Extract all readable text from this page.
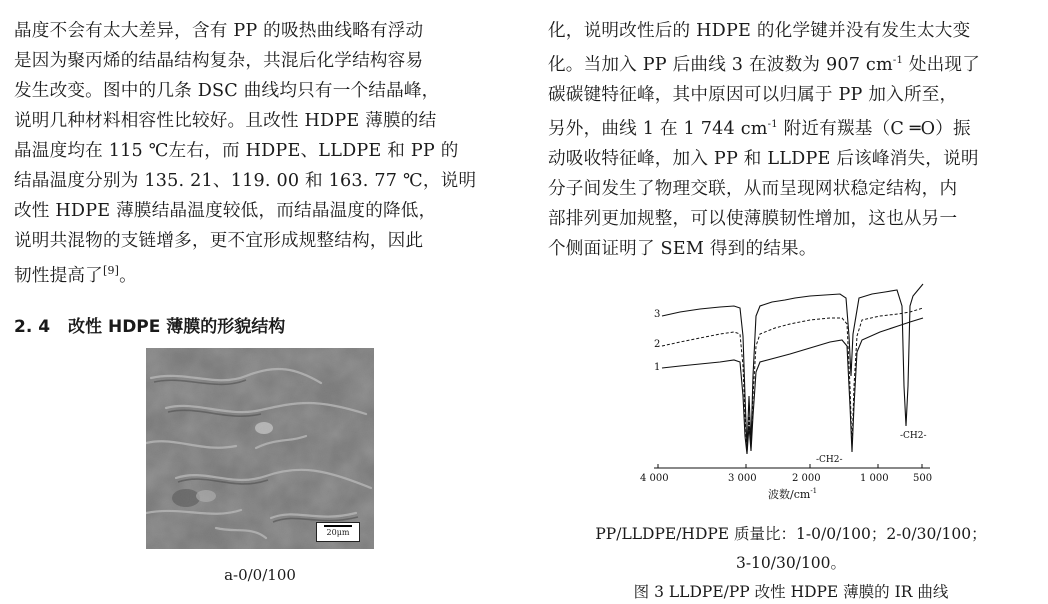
晶度不会有太大差异，含有 PP 的吸热曲线略有浮动
是因为聚丙烯的结晶结构复杂，共混后化学结构容易
发生改变。图中的几条 DSC 曲线均只有一个结晶峰，
说明几种材料相容性比较好。且改性 HDPE 薄膜的结
晶温度均在 115 ℃左右，而 HDPE、LLDPE 和 PP 的
结晶温度分别为 135. 21、119. 00 和 163. 77 ℃，说明
改性 HDPE 薄膜结晶温度较低，而结晶温度的降低，
说明共混物的支链增多，更不宜形成规整结构，因此
韧性提高了[9]。

2. 4 改性 HDPE 薄膜的形貌结构
20μm

a-0/0/100

化，说明改性后的 HDPE 的化学键并没有发生太大变
化。当加入 PP 后曲线 3 在波数为 907 $cm^{-1}$ 处出现了
碳碳键特征峰，其中原因可以归属于 PP 加入所至，
另外，曲线 1 在 1 744 $cm^{-1}$ 附近有羰基（C ═O）振
动吸收特征峰，加入 PP 和 LLDPE 后该峰消失，说明
分子间发生了物理交联，从而呈现网状稳定结构，内
部排列更加规整，可以使薄膜韧性增加，这也从另一
个侧面证明了 SEM 得到的结果。

3
2
1
-CH2-
-CH2-
4 000	3 000	2 000	1 000 500
波数$/cm^{-1}$

PP/LLDPE/HDPE 质量比：1-0/0/100；2-0/30/100；

3-10/30/100。

图 3 LLDPE/PP 改性 HDPE 薄膜的 IR 曲线
